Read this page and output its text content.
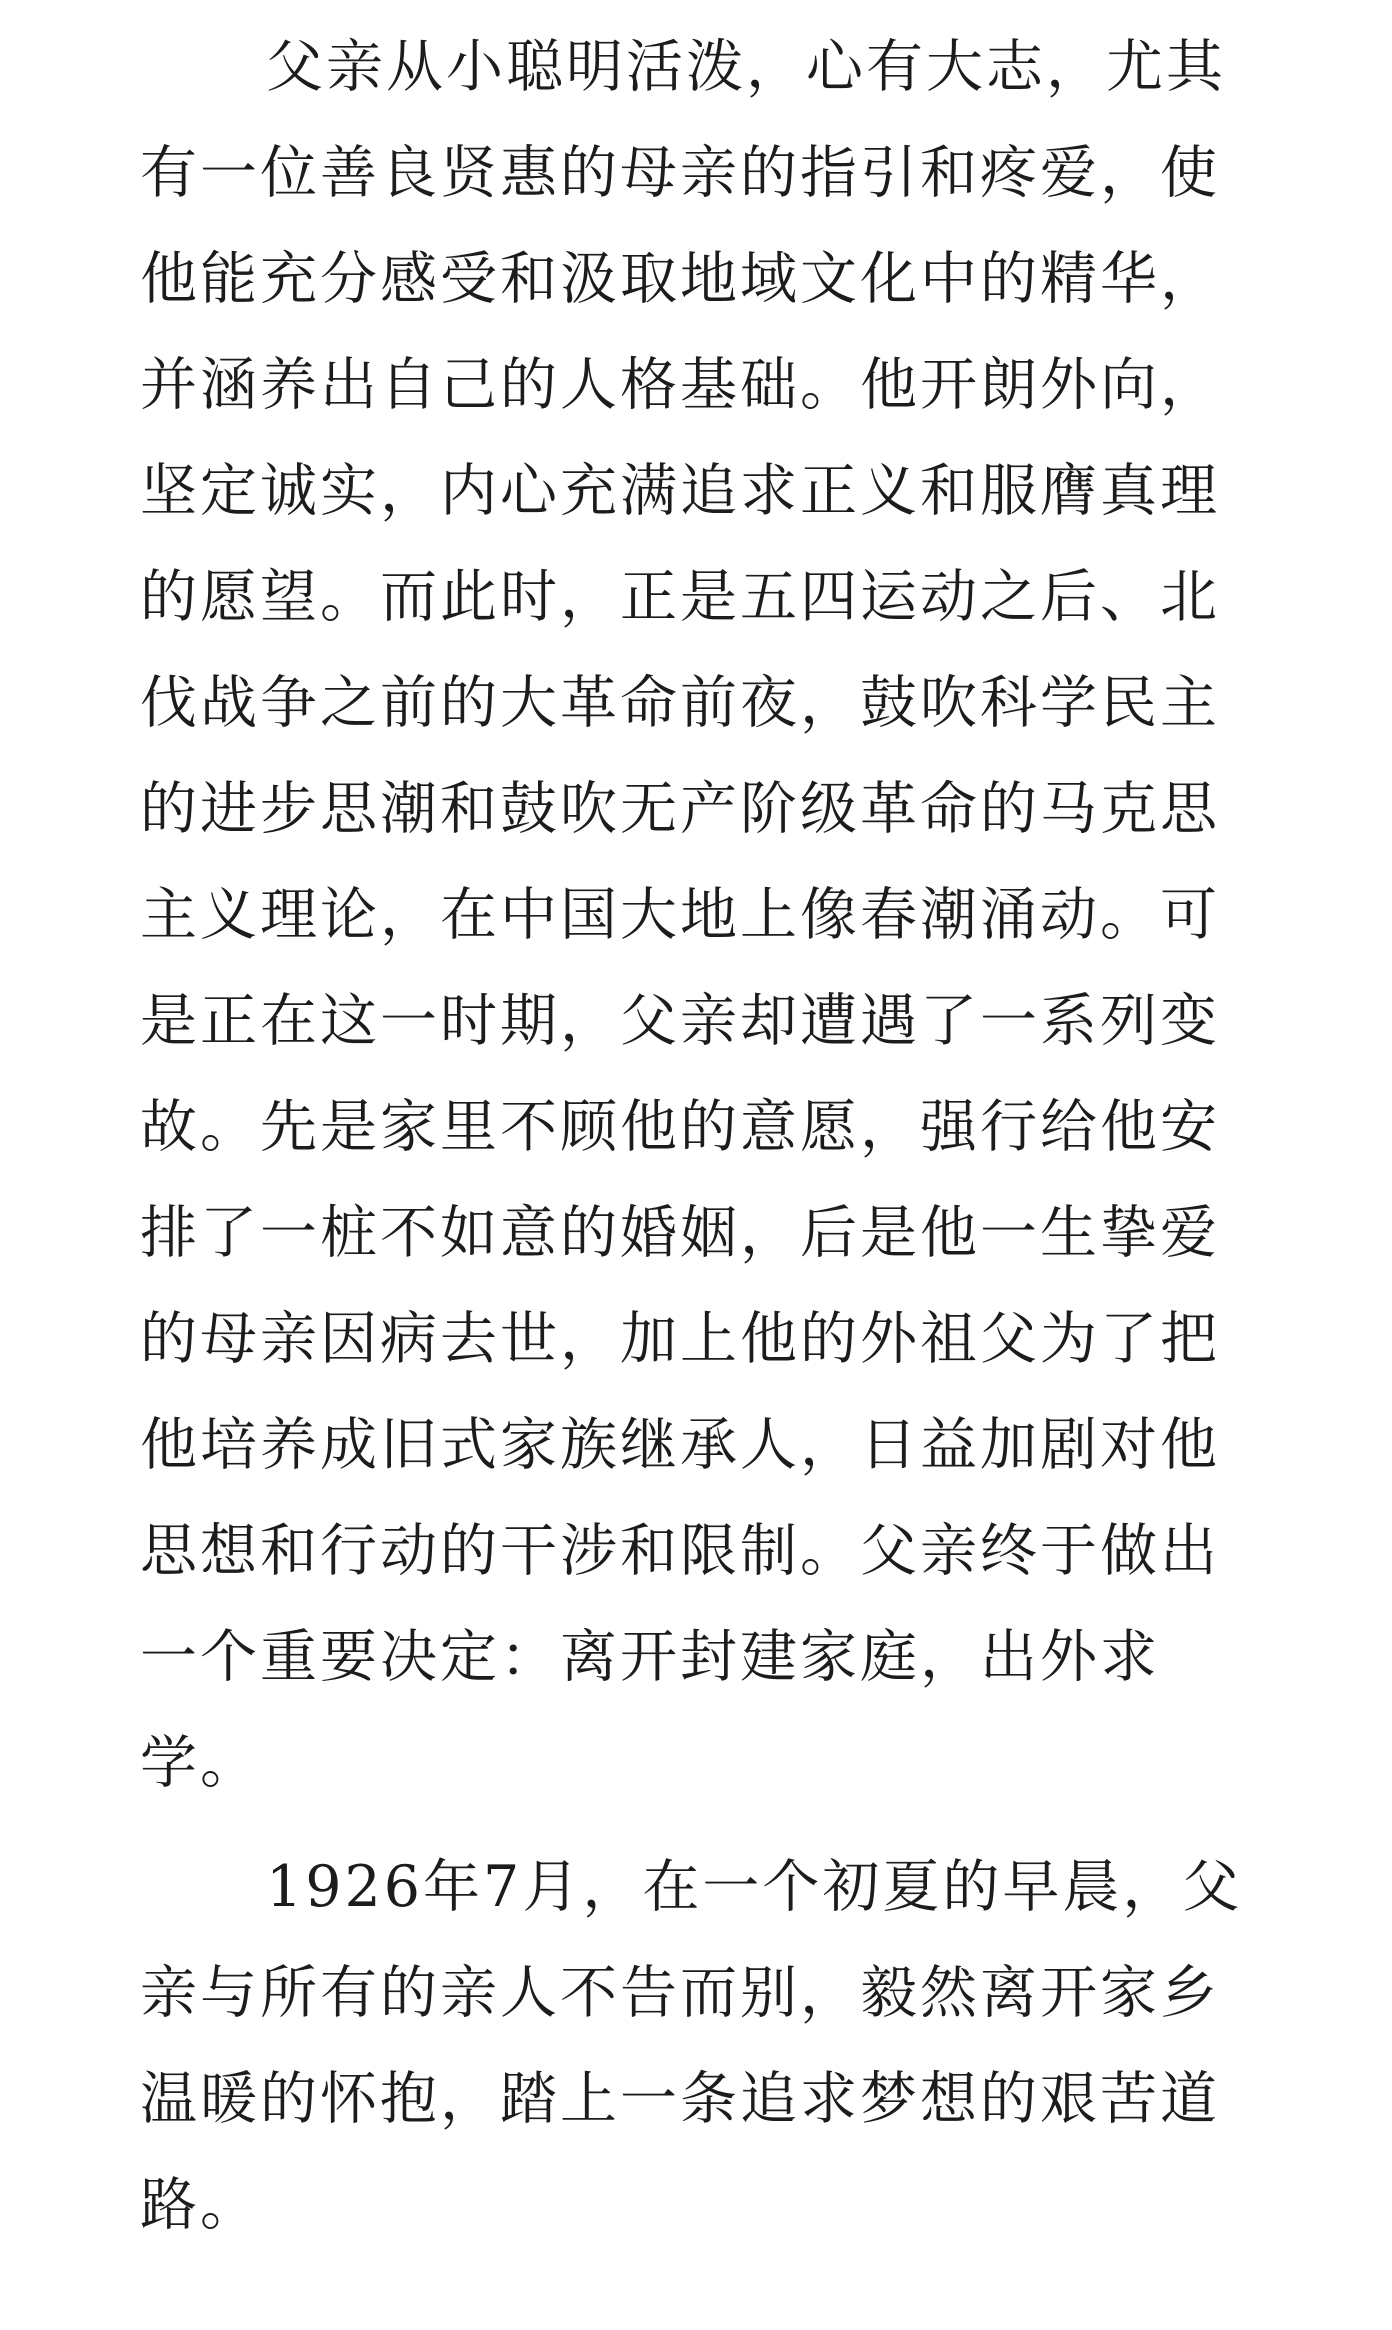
父亲从小聪明活泼，心有大志，尤其
有一位善良贤惠的母亲的指引和疼爱，使
他能充分感受和汲取地域文化中的精华，
并涵养出自己的人格基础。他开朗外向，
坚定诚实，内心充满追求正义和服膺真理
的愿望。而此时，正是五四运动之后、北
伐战争之前的大革命前夜，鼓吹科学民主
的进步思潮和鼓吹无产阶级革命的马克思
主义理论，在中国大地上像春潮涌动。可
是正在这一时期，父亲却遭遇了一系列变
故。先是家里不顾他的意愿，强行给他安
排了一桩不如意的婚姻，后是他一生挚爱
的母亲因病去世，加上他的外祖父为了把
他培养成旧式家族继承人，日益加剧对他
思想和行动的干涉和限制。父亲终于做出
一个重要决定：离开封建家庭，出外求
学。
1926年7月，在一个初夏的早晨，父
亲与所有的亲人不告而别，毅然离开家乡
温暖的怀抱，踏上一条追求梦想的艰苦道
路。
